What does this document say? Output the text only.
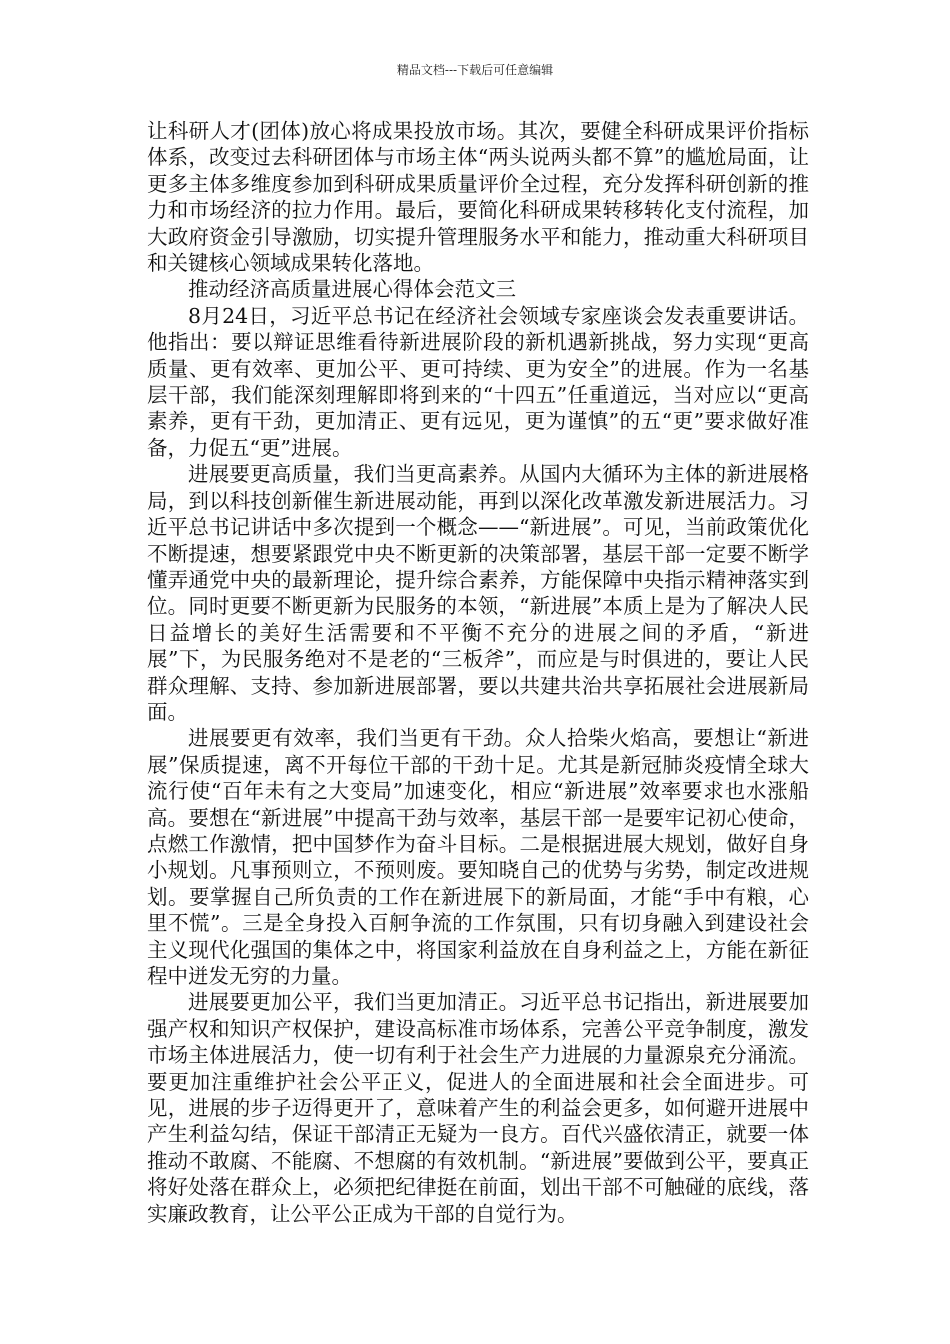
精品文档---下载后可任意编辑

让科研人才(团体)放心将成果投放市场。其次，要健全科研成果评价指标体系，改变过去科研团体与市场主体“两头说两头都不算”的尴尬局面，让更多主体多维度参加到科研成果质量评价全过程，充分发挥科研创新的推力和市场经济的拉力作用。最后，要简化科研成果转移转化支付流程，加大政府资金引导激励，切实提升管理服务水平和能力，推动重大科研项目和关键核心领域成果转化落地。

推动经济高质量进展心得体会范文三

8月24日，习近平总书记在经济社会领域专家座谈会发表重要讲话。他指出：要以辩证思维看待新进展阶段的新机遇新挑战，努力实现“更高质量、更有效率、更加公平、更可持续、更为安全”的进展。作为一名基层干部，我们能深刻理解即将到来的“十四五”任重道远，当对应以“更高素养，更有干劲，更加清正、更有远见，更为谨慎”的五“更”要求做好准备，力促五“更”进展。

进展要更高质量，我们当更高素养。从国内大循环为主体的新进展格局，到以科技创新催生新进展动能，再到以深化改革激发新进展活力。习近平总书记讲话中多次提到一个概念——“新进展”。可见，当前政策优化不断提速，想要紧跟党中央不断更新的决策部署，基层干部一定要不断学懂弄通党中央的最新理论，提升综合素养，方能保障中央指示精神落实到位。同时更要不断更新为民服务的本领，“新进展”本质上是为了解决人民日益增长的美好生活需要和不平衡不充分的进展之间的矛盾，“新进展”下，为民服务绝对不是老的“三板斧”，而应是与时俱进的，要让人民群众理解、支持、参加新进展部署，要以共建共治共享拓展社会进展新局面。

进展要更有效率，我们当更有干劲。众人拾柴火焰高，要想让“新进展”保质提速，离不开每位干部的干劲十足。尤其是新冠肺炎疫情全球大流行使“百年未有之大变局”加速变化，相应“新进展”效率要求也水涨船高。要想在“新进展”中提高干劲与效率，基层干部一是要牢记初心使命，点燃工作激情，把中国梦作为奋斗目标。二是根据进展大规划，做好自身小规划。凡事预则立，不预则废。要知晓自己的优势与劣势，制定改进规划。要掌握自己所负责的工作在新进展下的新局面，才能“手中有粮，心里不慌”。三是全身投入百舸争流的工作氛围，只有切身融入到建设社会主义现代化强国的集体之中，将国家利益放在自身利益之上，方能在新征程中迸发无穷的力量。

进展要更加公平，我们当更加清正。习近平总书记指出，新进展要加强产权和知识产权保护，建设高标准市场体系，完善公平竞争制度，激发市场主体进展活力，使一切有利于社会生产力进展的力量源泉充分涌流。要更加注重维护社会公平正义，促进人的全面进展和社会全面进步。可见，进展的步子迈得更开了，意味着产生的利益会更多，如何避开进展中产生利益勾结，保证干部清正无疑为一良方。百代兴盛依清正，就要一体推动不敢腐、不能腐、不想腐的有效机制。“新进展”要做到公平，要真正将好处落在群众上，必须把纪律挺在前面，划出干部不可触碰的底线，落实廉政教育，让公平公正成为干部的自觉行为。
